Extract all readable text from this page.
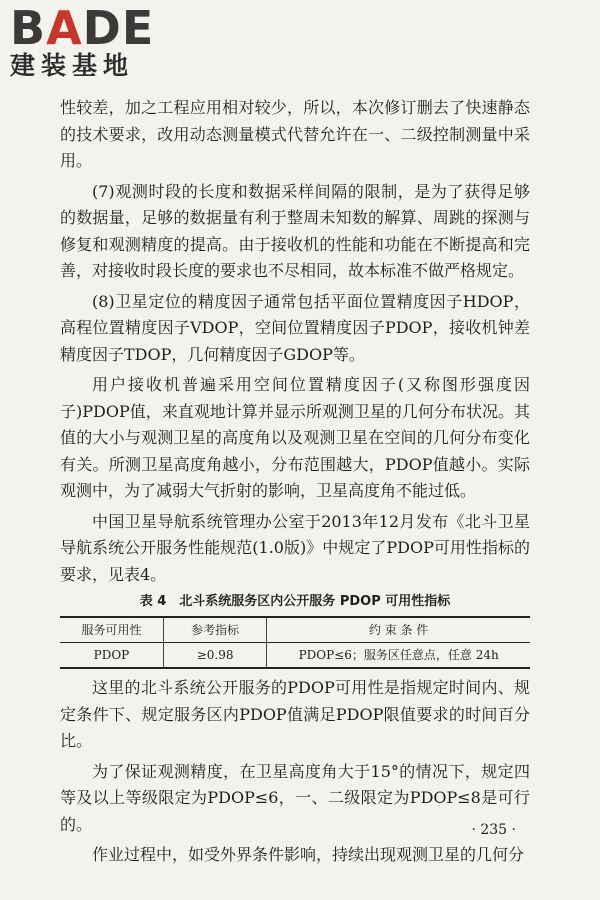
BADE
建装基地

性较差，加之工程应用相对较少，所以，本次修订删去了快速静态的技术要求，改用动态测量模式代替允许在一、二级控制测量中采用。

(7)观测时段的长度和数据采样间隔的限制，是为了获得足够的数据量，足够的数据量有利于整周未知数的解算、周跳的探测与修复和观测精度的提高。由于接收机的性能和功能在不断提高和完善，对接收时段长度的要求也不尽相同，故本标准不做严格规定。

(8)卫星定位的精度因子通常包括平面位置精度因子HDOP，高程位置精度因子VDOP，空间位置精度因子PDOP，接收机钟差精度因子TDOP，几何精度因子GDOP等。

用户接收机普遍采用空间位置精度因子(又称图形强度因子)PDOP值，来直观地计算并显示所观测卫星的几何分布状况。其值的大小与观测卫星的高度角以及观测卫星在空间的几何分布变化有关。所测卫星高度角越小，分布范围越大，PDOP值越小。实际观测中，为了减弱大气折射的影响，卫星高度角不能过低。

中国卫星导航系统管理办公室于2013年12月发布《北斗卫星导航系统公开服务性能规范(1.0版)》中规定了PDOP可用性指标的要求，见表4。

表 4　北斗系统服务区内公开服务 PDOP 可用性指标
服务可用性	参考指标	约 束 条 件
PDOP	≥0.98	PDOP≤6；服务区任意点，任意 24h

这里的北斗系统公开服务的PDOP可用性是指规定时间内、规定条件下、规定服务区内PDOP值满足PDOP限值要求的时间百分比。

为了保证观测精度，在卫星高度角大于15°的情况下，规定四等及以上等级限定为PDOP≤6，一、二级限定为PDOP≤8是可行的。

作业过程中，如受外界条件影响，持续出现观测卫星的几何分

· 235 ·
